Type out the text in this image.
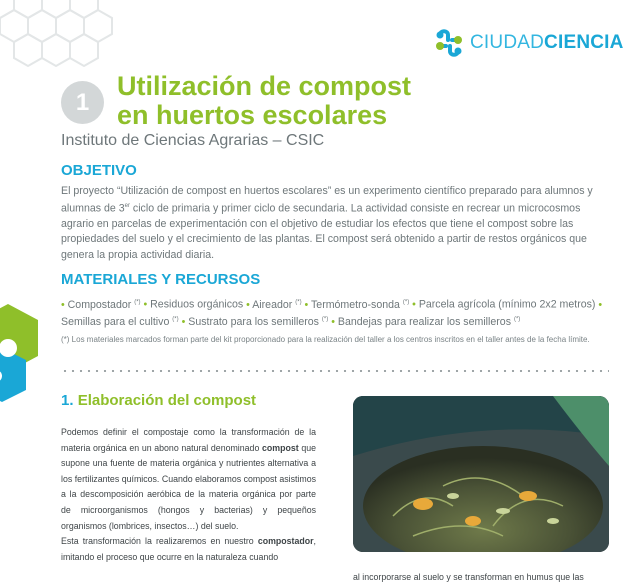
CIUDADCIENCIA
1
Utilización de compost
en huertos escolares
Instituto de Ciencias Agrarias – CSIC
OBJETIVO

El proyecto “Utilización de compost en huertos escolares” es un experimento científico preparado para alumnos y alumnas de 3er ciclo de primaria y primer ciclo de secundaria. La actividad consiste en recrear un microcosmos agrario en parcelas de experimentación con el objetivo de estudiar los efectos que tiene el compost sobre las propiedades del suelo y el crecimiento de las plantas. El compost será obtenido a partir de restos orgánicos que genera la propia actividad diaria.

MATERIALES Y RECURSOS
• Compostador (*) • Residuos orgánicos • Aireador (*) • Termómetro-sonda (*) • Parcela agrícola (mínimo 2x2 metros) • Semillas para el cultivo (*) • Sustrato para los semilleros (*) • Bandejas para realizar los semilleros (*)
(*) Los materiales marcados forman parte del kit proporcionado para la realización del taller a los centros inscritos en el taller antes de la fecha límite.
1. Elaboración del compost
Podemos definir el compostaje como la transformación de la materia orgánica en un abono natural denominado compost que supone una fuente de materia orgánica y nutrientes alternativa a los fertilizantes químicos. Cuando elaboramos compost asistimos a la descomposición aeróbica de la materia orgánica por parte de microorganismos (hongos y bacterias) y pequeños organismos (lombrices, insectos…) del suelo.
Esta transformación la realizaremos en nuestro compostador, imitando el proceso que ocurre en la naturaleza cuando
al incorporarse al suelo y se transforman en humus que las
